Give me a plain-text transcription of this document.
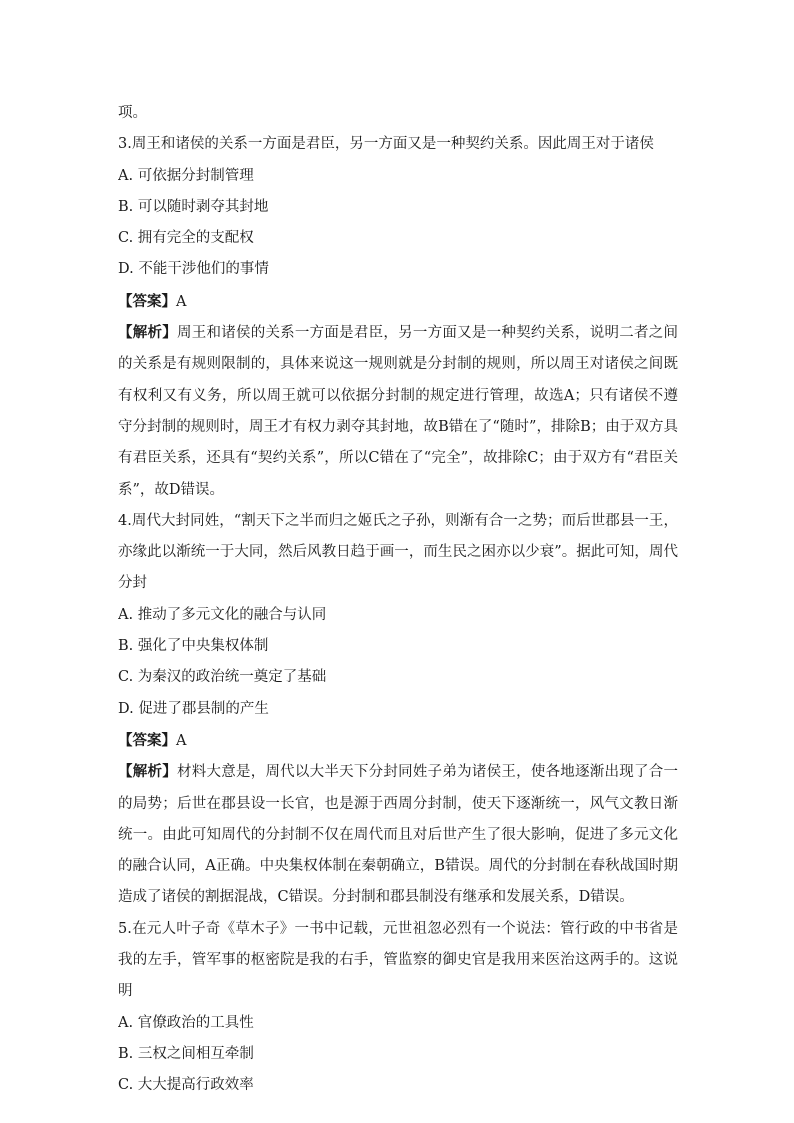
项。
3.周王和诸侯的关系一方面是君臣，另一方面又是一种契约关系。因此周王对于诸侯
A. 可依据分封制管理
B. 可以随时剥夺其封地
C. 拥有完全的支配权
D. 不能干涉他们的事情
【答案】A
【解析】周王和诸侯的关系一方面是君臣，另一方面又是一种契约关系，说明二者之间的关系是有规则限制的，具体来说这一规则就是分封制的规则，所以周王对诸侯之间既有权利又有义务，所以周王就可以依据分封制的规定进行管理，故选A；只有诸侯不遵守分封制的规则时，周王才有权力剥夺其封地，故B错在了“随时”，排除B；由于双方具有君臣关系，还具有“契约关系”，所以C错在了“完全”，故排除C；由于双方有“君臣关系”，故D错误。
4.周代大封同姓，“割天下之半而归之姬氏之子孙，则渐有合一之势；而后世郡县一王，亦缘此以渐统一于大同，然后风教日趋于画一，而生民之困亦以少衰”。据此可知，周代分封
A. 推动了多元文化的融合与认同
B. 强化了中央集权体制
C. 为秦汉的政治统一奠定了基础
D. 促进了郡县制的产生
【答案】A
【解析】材料大意是，周代以大半天下分封同姓子弟为诸侯王，使各地逐渐出现了合一的局势；后世在郡县设一长官，也是源于西周分封制，使天下逐渐统一，风气文教日渐统一。由此可知周代的分封制不仅在周代而且对后世产生了很大影响，促进了多元文化的融合认同，A正确。中央集权体制在秦朝确立，B错误。周代的分封制在春秋战国时期造成了诸侯的割据混战，C错误。分封制和郡县制没有继承和发展关系，D错误。
5.在元人叶子奇《草木子》一书中记载，元世祖忽必烈有一个说法：管行政的中书省是我的左手，管军事的枢密院是我的右手，管监察的御史官是我用来医治这两手的。这说明
A. 官僚政治的工具性
B. 三权之间相互牵制
C. 大大提高行政效率
